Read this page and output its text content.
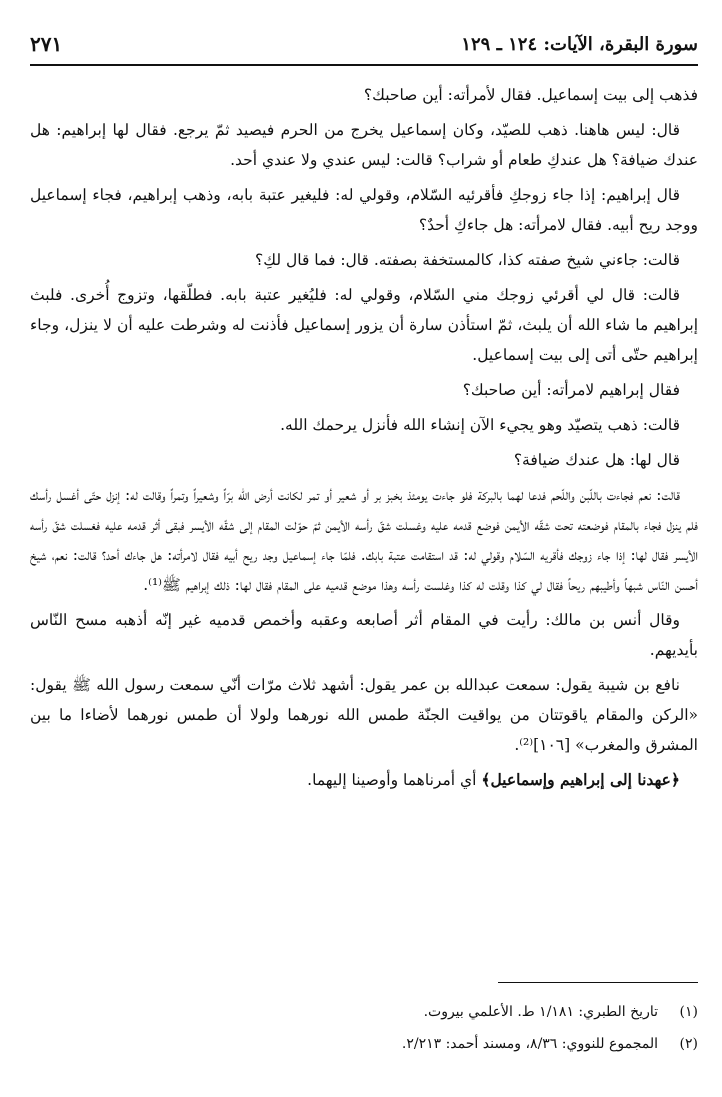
سورة البقرة، الآيات: ١٢٤ ـ ١٢٩
٢٧١

فذهب إلى بيت إسماعيل. فقال لأمرأته: أين صاحبك؟

قال: ليس هاهنا. ذهب للصيّد، وكان إسماعيل يخرج من الحرم فيصيد ثمّ يرجع. فقال لها إبراهيم: هل عندك ضيافة؟ هل عندكِ طعام أو شراب؟ قالت: ليس عندي ولا عندي أحد.

قال إبراهيم: إذا جاء زوجكِ فأقرئيه السّلام، وقولي له: فليغير عتبة بابه، وذهب إبراهيم، فجاء إسماعيل ووجد ريح أبيه. فقال لامرأته: هل جاءكِ أحدٌ؟

قالت: جاءني شيخ صفته كذا، كالمستخفة بصفته. قال: فما قال لكِ؟

قالت: قال لي أقرئي زوجك مني السّلام، وقولي له: فليُغير عتبة بابه. فطلّقها، وتزوج أُخرى. فلبث إبراهيم ما شاء الله أن يلبث، ثمّ استأذن سارة أن يزور إسماعيل فأذنت له وشرطت عليه أن لا ينزل، وجاء إبراهيم حتّى أتى إلى بيت إسماعيل.

فقال إبراهيم لامرأته: أين صاحبك؟

قالت: ذهب يتصيّد وهو يجيء الآن إنشاء الله فأنزل يرحمك الله.

قال لها: هل عندك ضيافة؟

قالت: نعم فجاءت باللّبن واللّحم فدعا لهما بالبركة فلو جاءت يومئذ بخبز بر أو شعير أو تمر لكانت أرض الله برّاً وشعيراً وتمراً وقالت له: إنزل حتّى أغسل رأسك فلم ينزل فجاء بالمقام فوضعته تحت شقّه الأيمن فوضع قدمه عليه وغسلت شقّ رأسه الأيمن ثمّ حوّلت المقام إلى شقّه الأيسر فبقى أثر قدمه عليه فغسلت شقّ رأسه الأيسر فقال لها: إذا جاء زوجك فأقريه السّلام وقولي له: قد استقامت عتبة بابك. فلمّا جاء إسماعيل وجد ريح أبيه فقال لامرأته: هل جاءك أحد؟ قالت: نعم، شيخ أحسن النّاس شبهاً وأطيبهم ريحاً فقال لي كذا وقلت له كذا وغلست رأسه وهذا موضع قدميه على المقام فقال لها: ذلك إبراهيم ﷺ⁽¹⁾.

وقال أنس بن مالك: رأيت في المقام أثر أصابعه وعقبه وأخمص قدميه غير إنّه أذهبه مسح النّاس بأيديهم.

نافع بن شيبة يقول: سمعت عبدالله بن عمر يقول: أشهد ثلاث مرّات أنّي سمعت رسول الله ﷺ يقول: «الركن والمقام ياقوتتان من يواقيت الجنّة طمس الله نورهما ولولا أن طمس نورهما لأضاءا ما بين المشرق والمغرب» [١٠٦]⁽²⁾.

﴿عهدنا إلى إبراهيم وإسماعيل﴾ أي أمرناهما وأوصينا إليهما.

(١)تاريخ الطبري: ١/١٨١ ط. الأعلمي بيروت.

(٢)المجموع للنووي: ٨/٣٦، ومسند أحمد: ٢/٢١٣.
